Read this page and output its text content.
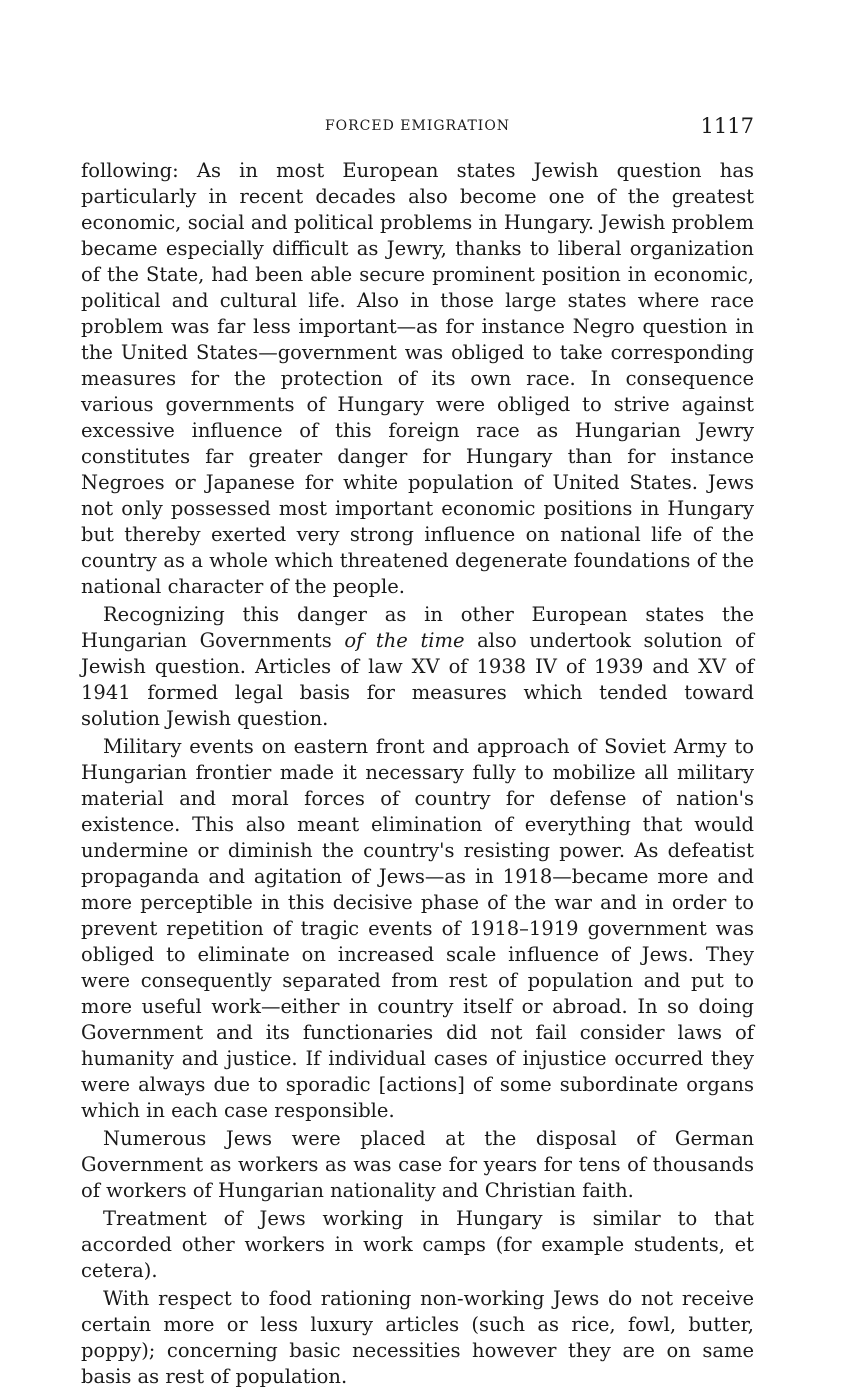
FORCED EMIGRATION	1117

following: As in most European states Jewish question has particularly in recent decades also become one of the greatest economic, social and political problems in Hungary. Jewish problem became especially difficult as Jewry, thanks to liberal organization of the State, had been able secure prominent position in economic, political and cultural life. Also in those large states where race problem was far less important—as for instance Negro question in the United States—government was obliged to take corresponding measures for the protection of its own race. In consequence various governments of Hungary were obliged to strive against excessive influence of this foreign race as Hungarian Jewry constitutes far greater danger for Hungary than for instance Negroes or Japanese for white population of United States. Jews not only possessed most important economic positions in Hungary but thereby exerted very strong influence on national life of the country as a whole which threatened degenerate foundations of the national character of the people.

Recognizing this danger as in other European states the Hungarian Governments of the time also undertook solution of Jewish question. Articles of law XV of 1938 IV of 1939 and XV of 1941 formed legal basis for measures which tended toward solution Jewish question.

Military events on eastern front and approach of Soviet Army to Hungarian frontier made it necessary fully to mobilize all military material and moral forces of country for defense of nation's existence. This also meant elimination of everything that would undermine or diminish the country's resisting power. As defeatist propaganda and agitation of Jews—as in 1918—became more and more perceptible in this decisive phase of the war and in order to prevent repetition of tragic events of 1918–1919 government was obliged to eliminate on increased scale influence of Jews. They were consequently separated from rest of population and put to more useful work—either in country itself or abroad. In so doing Government and its functionaries did not fail consider laws of humanity and justice. If individual cases of injustice occurred they were always due to sporadic [actions] of some subordinate organs which in each case responsible.

Numerous Jews were placed at the disposal of German Government as workers as was case for years for tens of thousands of workers of Hungarian nationality and Christian faith.

Treatment of Jews working in Hungary is similar to that accorded other workers in work camps (for example students, et cetera).

With respect to food rationing non-working Jews do not receive certain more or less luxury articles (such as rice, fowl, butter, poppy); concerning basic necessities however they are on same basis as rest of population.
